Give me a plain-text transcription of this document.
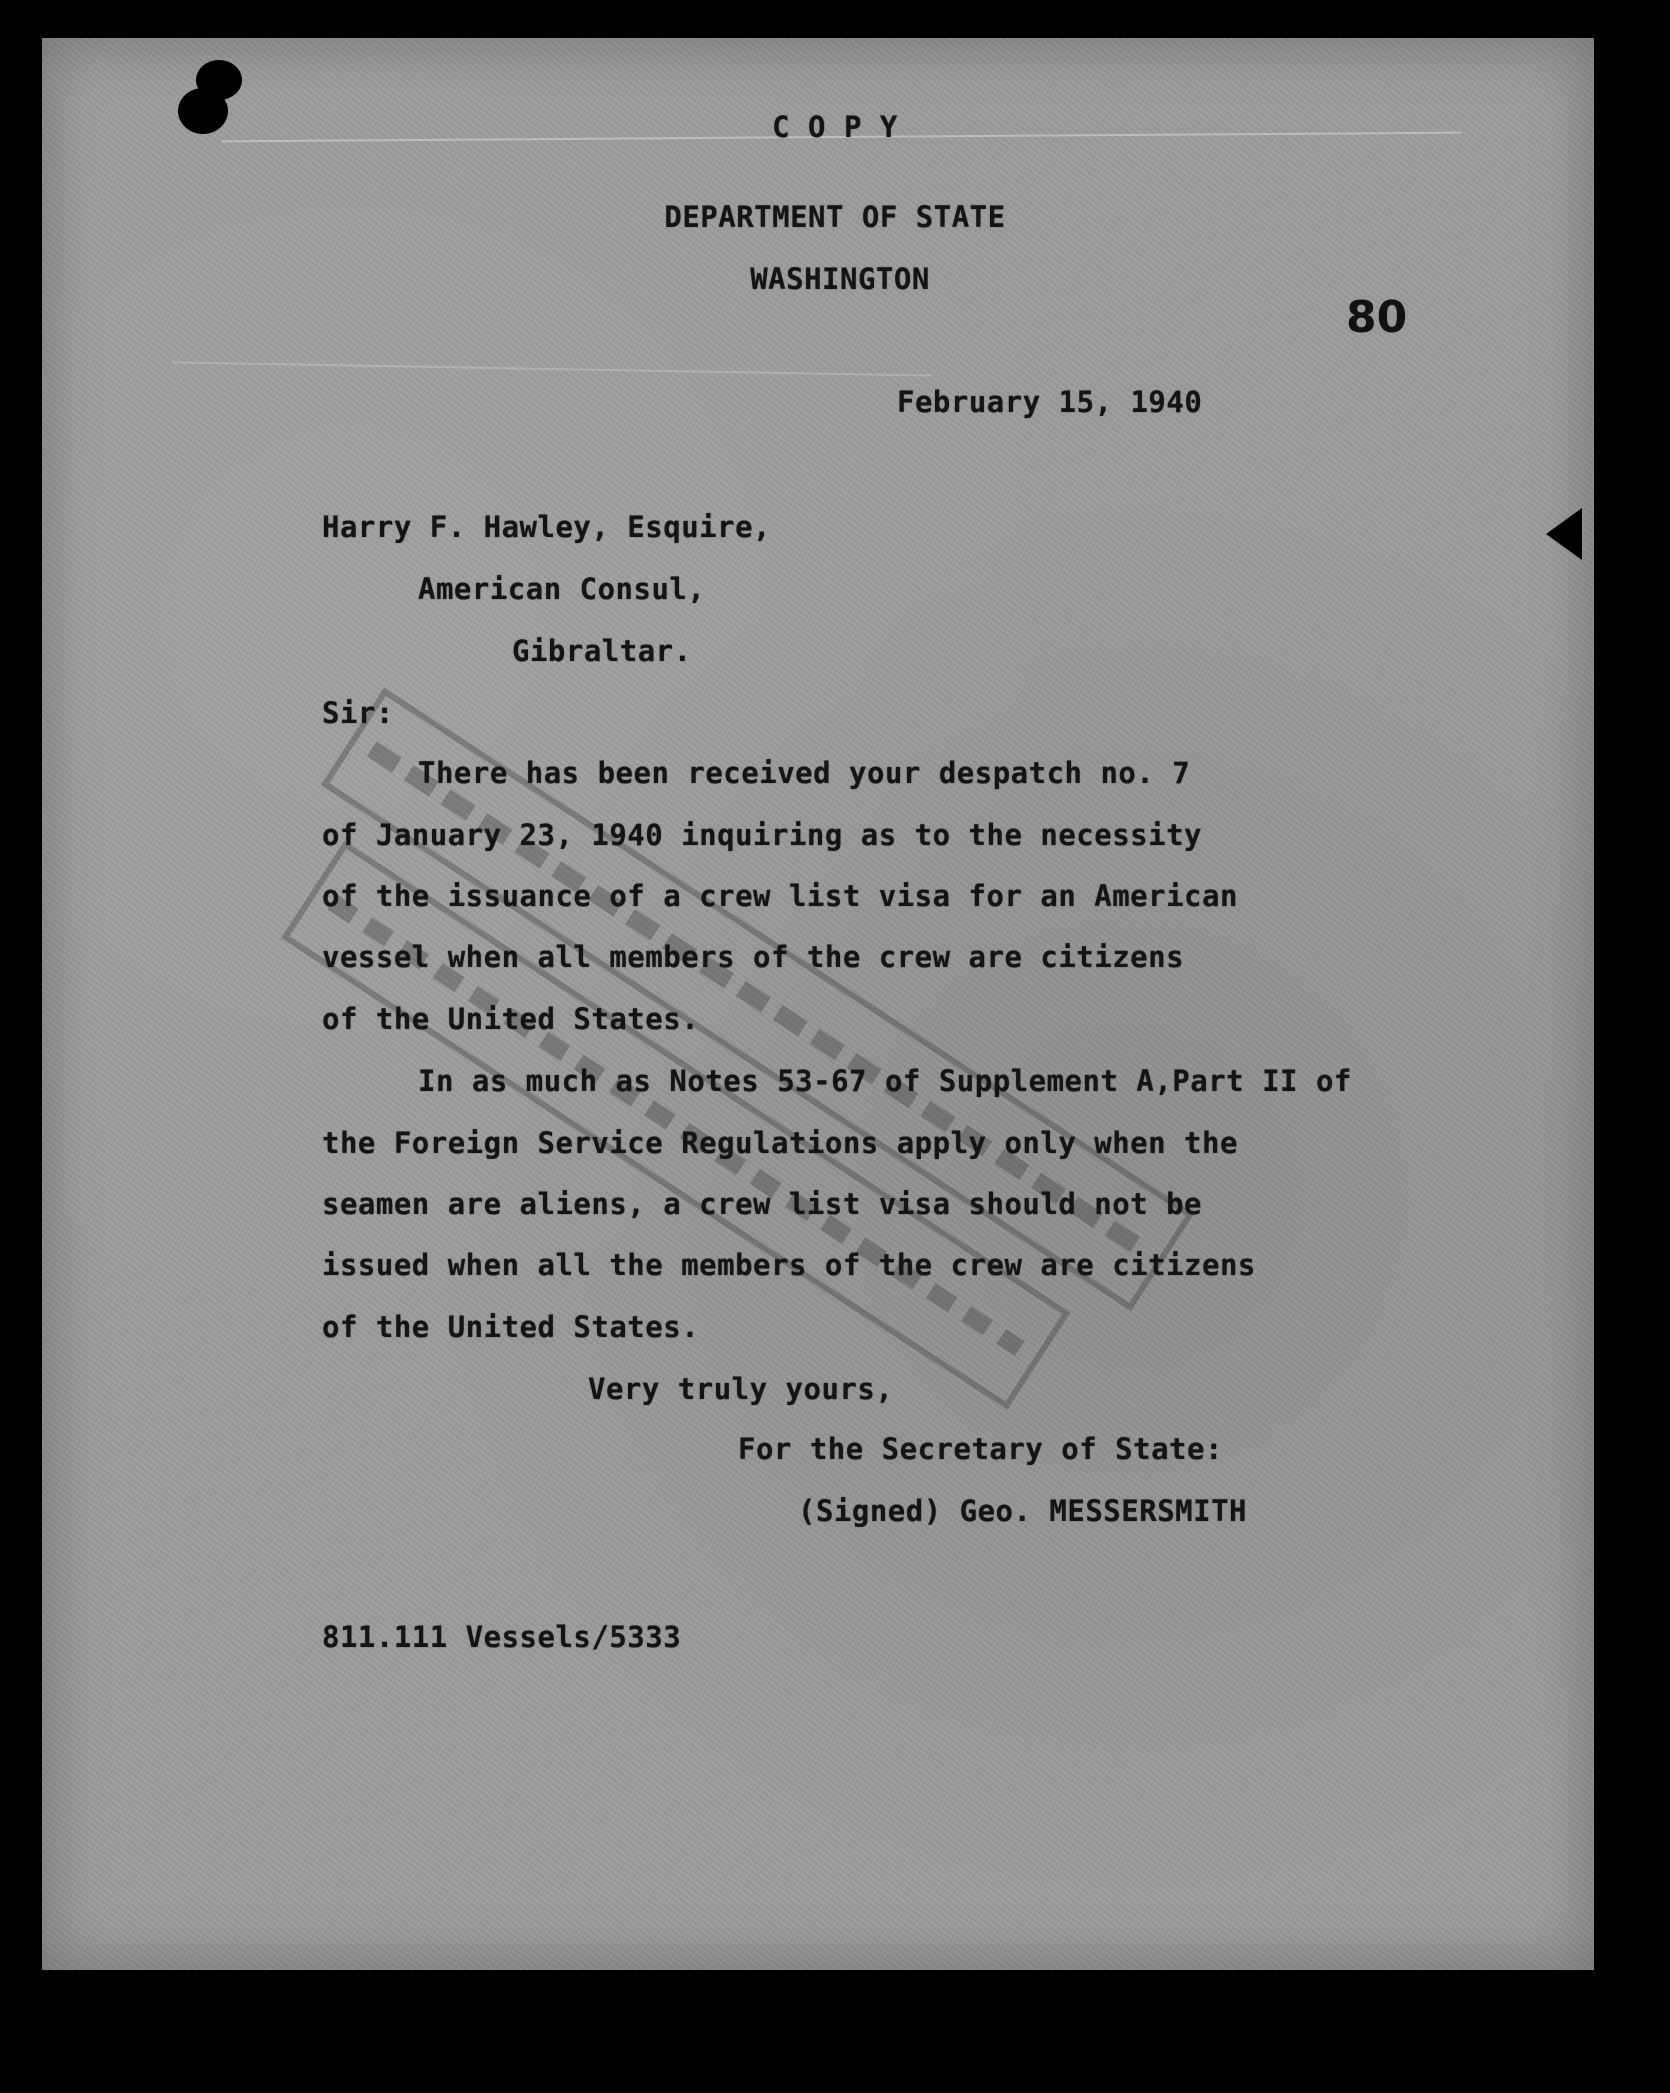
C O P Y
DEPARTMENT OF STATE
WASHINGTON
80
February 15, 1940
Harry F. Hawley, Esquire,
American Consul,
Gibraltar.
Sir:
There has been received your despatch no. 7
of January 23, 1940 inquiring as to the necessity
of the issuance of a crew list visa for an American
vessel when all members of the crew are citizens
of the United States.
In as much as Notes 53-67 of Supplement A,Part II of
the Foreign Service Regulations apply only when the
seamen are aliens, a crew list visa should not be
issued when all the members of the crew are citizens
of the United States.
Very truly yours,
For the Secretary of State:
(Signed) Geo. MESSERSMITH
811.111 Vessels/5333
